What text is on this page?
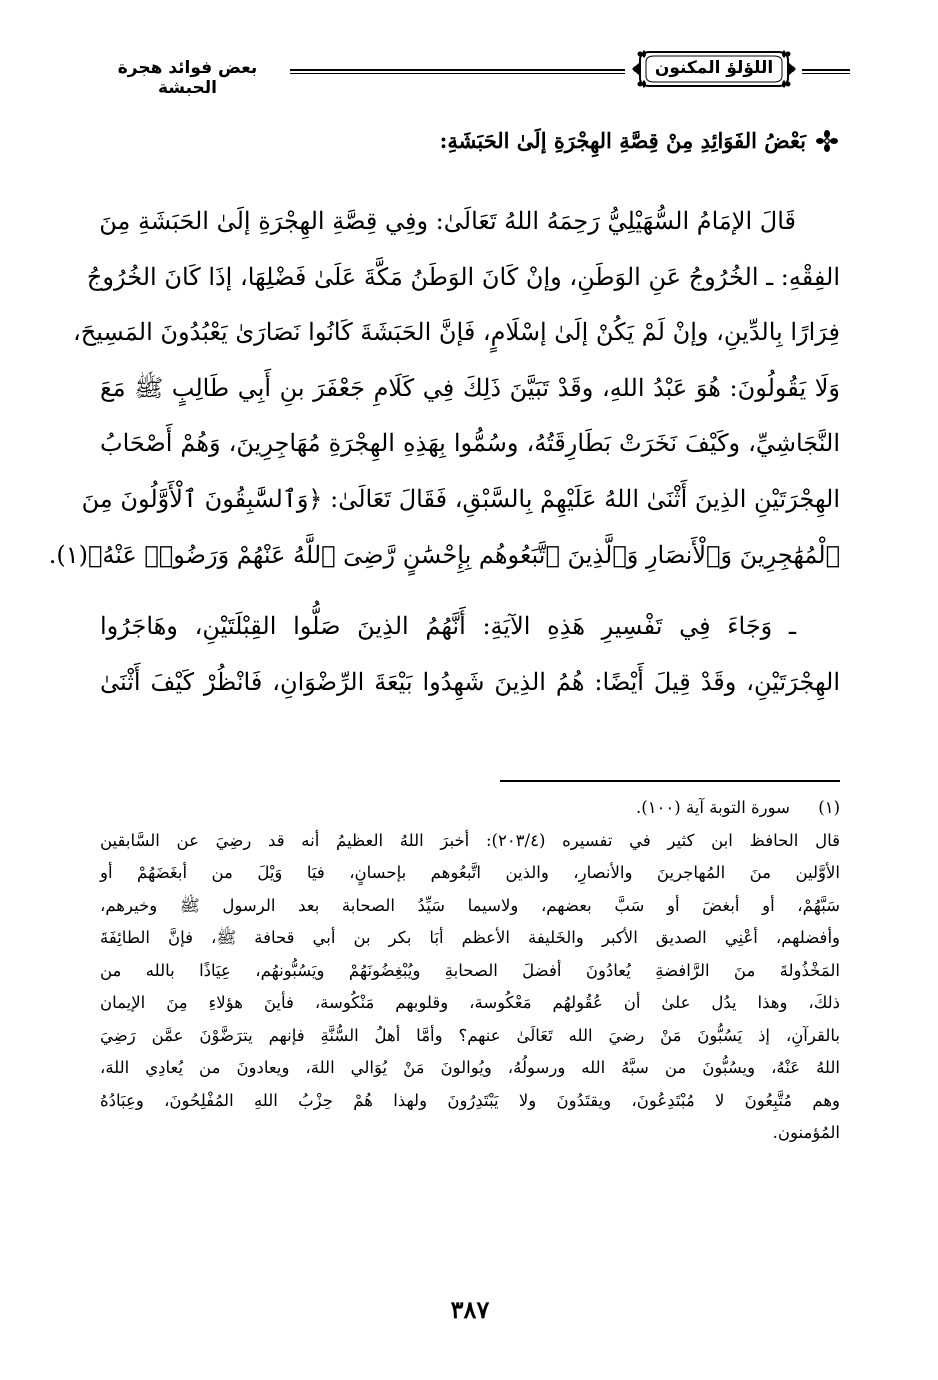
بعض فوائد هجرة الحبشة
اللؤلؤ المكنون
بَعْضُ الفَوَائِدِ مِنْ قِصَّةِ الهِجْرَةِ إلَىٰ الحَبَشَةِ:
قَالَ الإمَامُ السُّهَيْلِيُّ رَحِمَهُ اللهُ تَعَالَىٰ: وفِي قِصَّةِ الهِجْرَةِ إلَىٰ الحَبَشَةِ مِنَ
الفِقْهِ: ـ الخُرُوجُ عَنِ الوَطَنِ، وإنْ كَانَ الوَطَنُ مَكَّةَ عَلَىٰ فَضْلِهَا، إذَا كَانَ الخُرُوجُ
فِرَارًا بِالدِّينِ، وإنْ لَمْ يَكُنْ إلَىٰ إسْلَامٍ، فَإنَّ الحَبَشَةَ كَانُوا نَصَارَىٰ يَعْبُدُونَ المَسِيحَ،
وَلَا يَقُولُونَ: هُوَ عَبْدُ اللهِ، وقَدْ تَبَيَّنَ ذَلِكَ فِي كَلَامِ جَعْفَرَ بنِ أَبِي طَالِبٍ ﷺ مَعَ
النَّجَاشِيِّ، وكَيْفَ نَخَرَتْ بَطَارِقَتُهُ، وسُمُّوا بِهَذِهِ الهِجْرَةِ مُهَاجِرِينَ، وَهُمْ أَصْحَابُ
الهِجْرَتَيْنِ الذِينَ أَثْنَىٰ اللهُ عَلَيْهِمْ بِالسَّبْقِ، فَقَالَ تَعَالَىٰ: ﴿وَٱلسَّٰبِقُونَ ٱلْأَوَّلُونَ مِنَ
ٱلْمُهَٰجِرِينَ وَٱلْأَنصَارِ وَٱلَّذِينَ ٱتَّبَعُوهُم بِإِحْسَٰنٍ رَّضِىَ ٱللَّهُ عَنْهُمْ وَرَضُوا۟ عَنْهُ﴾(١).
ـ وَجَاءَ فِي تَفْسِيرِ هَذِهِ الآيَةِ: أَنَّهُمُ الذِينَ صَلُّوا القِبْلَتَيْنِ، وهَاجَرُوا
الهِجْرَتَيْنِ، وقَدْ قِيلَ أَيْضًا: هُمُ الذِينَ شَهِدُوا بَيْعَةَ الرِّضْوَانِ، فَانْظُرْ كَيْفَ أَثْنَىٰ
(١)سورة التوبة آية (١٠٠).
قال الحافظ ابن كثير في تفسيره (٢٠٣/٤): أخبرَ اللهُ العظيمُ أنه قد رضِيَ عن السَّابقين
الأوَّلين منَ المُهاجرينَ والأنصارِ، والذين اتَّبعُوهم بإحسانٍ، فيَا وَيْلَ من أبغَضَهُمْ أو
سَبَّهُمْ، أو أبغضَ أو سَبَّ بعضهم، ولاسيما سَيِّدُ الصحابة بعد الرسول ﷺ وخيرهم،
وأفضلهم، أعْنِي الصديق الأكبر والخَليفة الأعظم أبَا بكر بن أبي قحافة ﷺ، فإنَّ الطائِفَةَ
المَخْذُولةَ منَ الرَّافضةِ يُعادُونَ أفضلَ الصحابةِ ويُبْغِضُونَهُمْ ويَسُبُّونهُم، عِيَاذًا بالله من
ذلكَ، وهذا يدُل علىٰ أن عُقُولهُم مَعْكُوسة، وقلوبهم مَنْكُوسة، فأينَ هؤلاءِ مِنَ الإيمان
بالقرآنِ، إذ يَسُبُّونَ مَنْ رضيَ الله تَعَالَىٰ عنهم؟ وأمَّا أهلُ السُّنَّةِ فإنهم يترَضَّوْنَ عمَّن رَضِيَ
اللهُ عَنْهُ، ويسُبُّونَ من سبَّهُ الله ورسولُهُ، ويُوالونَ مَنْ يُوَالي اللهَ، ويعادونَ من يُعادِي اللهَ،
وهم مُتَّبِعُونَ لا مُبْتَدِعُونَ، ويقتَدُونَ ولا يَبْتَدِرُونَ ولهذا هُمْ حِزْبُ اللهِ المُفْلِحُونَ، وعِبَادُهُ
المُؤمنون.
٣٨٧
